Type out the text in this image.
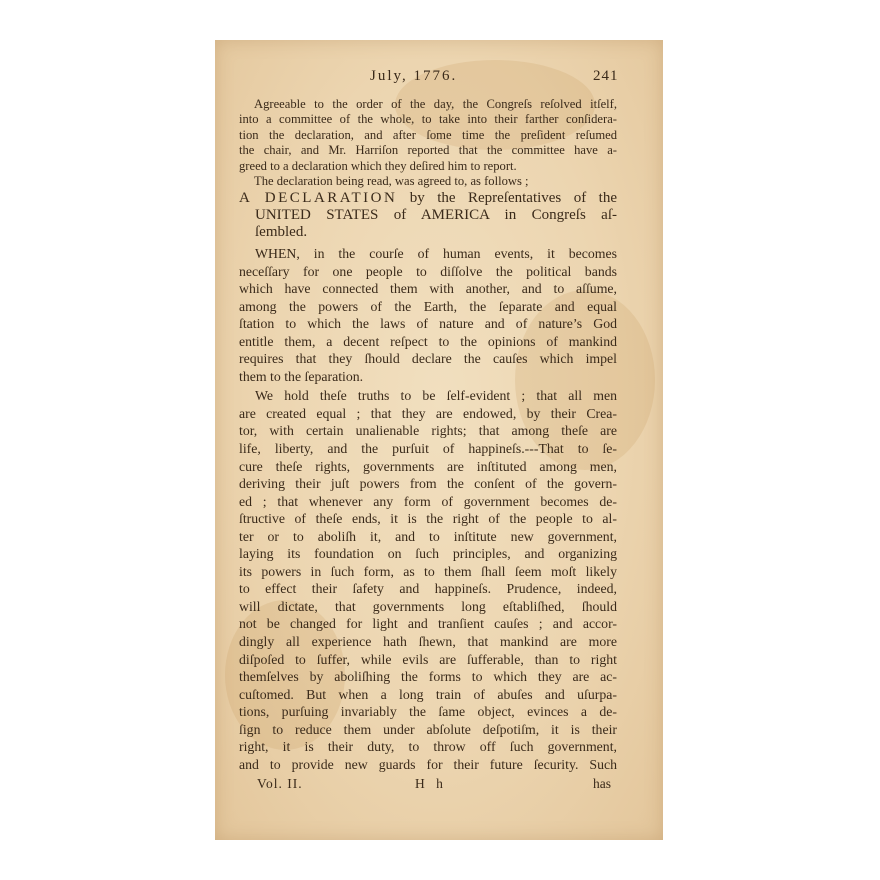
July, 1776.	241
Agreeable to the order of the day, the Congreſs reſolved itſelf,
into a committee of the whole, to take into their farther conſidera-
tion the declaration, and after ſome time the preſident reſumed
the chair, and Mr. Harriſon reported that the committee have a-
greed to a declaration which they deſired him to report.
The declaration being read, was agreed to, as follows ;
A DECLARATION by the Repreſentatives of the
UNITED STATES of AMERICA in Congreſs aſ-
ſembled.
WHEN, in the courſe of human events, it becomes
neceſſary for one people to diſſolve the political bands
which have connected them with another, and to aſſume,
among the powers of the Earth, the ſeparate and equal
ſtation to which the laws of nature and of nature’s God
entitle them, a decent reſpect to the opinions of mankind
requires that they ſhould declare the cauſes which impel
them to the ſeparation.
We hold theſe truths to be ſelf-evident ; that all men
are created equal ; that they are endowed, by their Crea-
tor, with certain unalienable rights; that among theſe are
life, liberty, and the purſuit of happineſs.---That to ſe-
cure theſe rights, governments are inſtituted among men,
deriving their juſt powers from the conſent of the govern-
ed ; that whenever any form of government becomes de-
ſtructive of theſe ends, it is the right of the people to al-
ter or to aboliſh it, and to inſtitute new government,
laying its foundation on ſuch principles, and organizing
its powers in ſuch form, as to them ſhall ſeem moſt likely
to effect their ſafety and happineſs. Prudence, indeed,
will dictate, that governments long eſtabliſhed, ſhould
not be changed for light and tranſient cauſes ; and accor-
dingly all experience hath ſhewn, that mankind are more
diſpoſed to ſuffer, while evils are ſufferable, than to right
themſelves by aboliſhing the forms to which they are ac-
cuſtomed. But when a long train of abuſes and uſurpa-
tions, purſuing invariably the ſame object, evinces a de-
ſign to reduce them under abſolute deſpotiſm, it is their
right, it is their duty, to throw off ſuch government,
and to provide new guards for their future ſecurity. Such
Vol. II.	H h	has
